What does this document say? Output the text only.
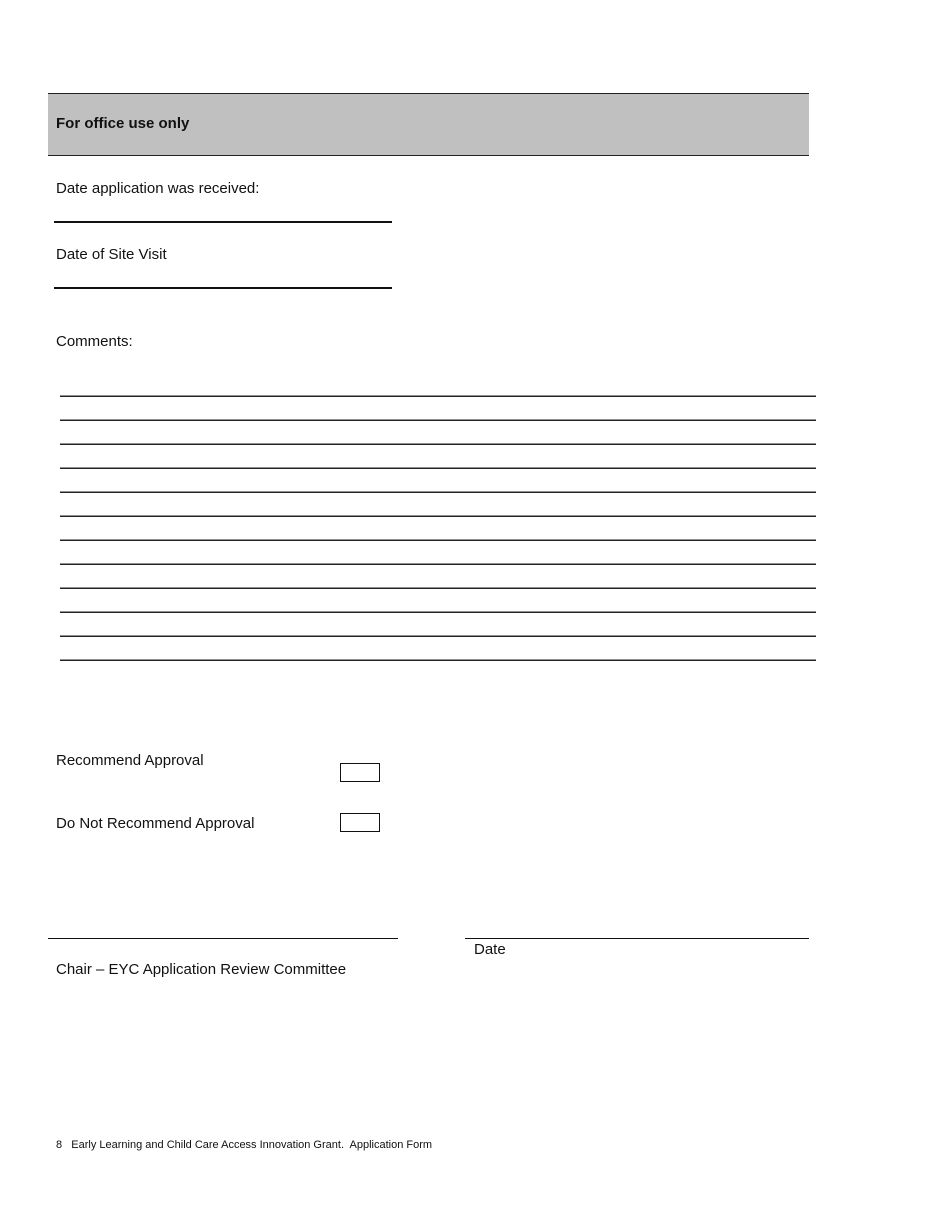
For office use only
Date application was received:
Date of Site Visit
Comments:
Recommend Approval
Do Not Recommend Approval
Date
Chair – EYC Application Review Committee
8 Early Learning and Child Care Access Innovation Grant.  Application Form
